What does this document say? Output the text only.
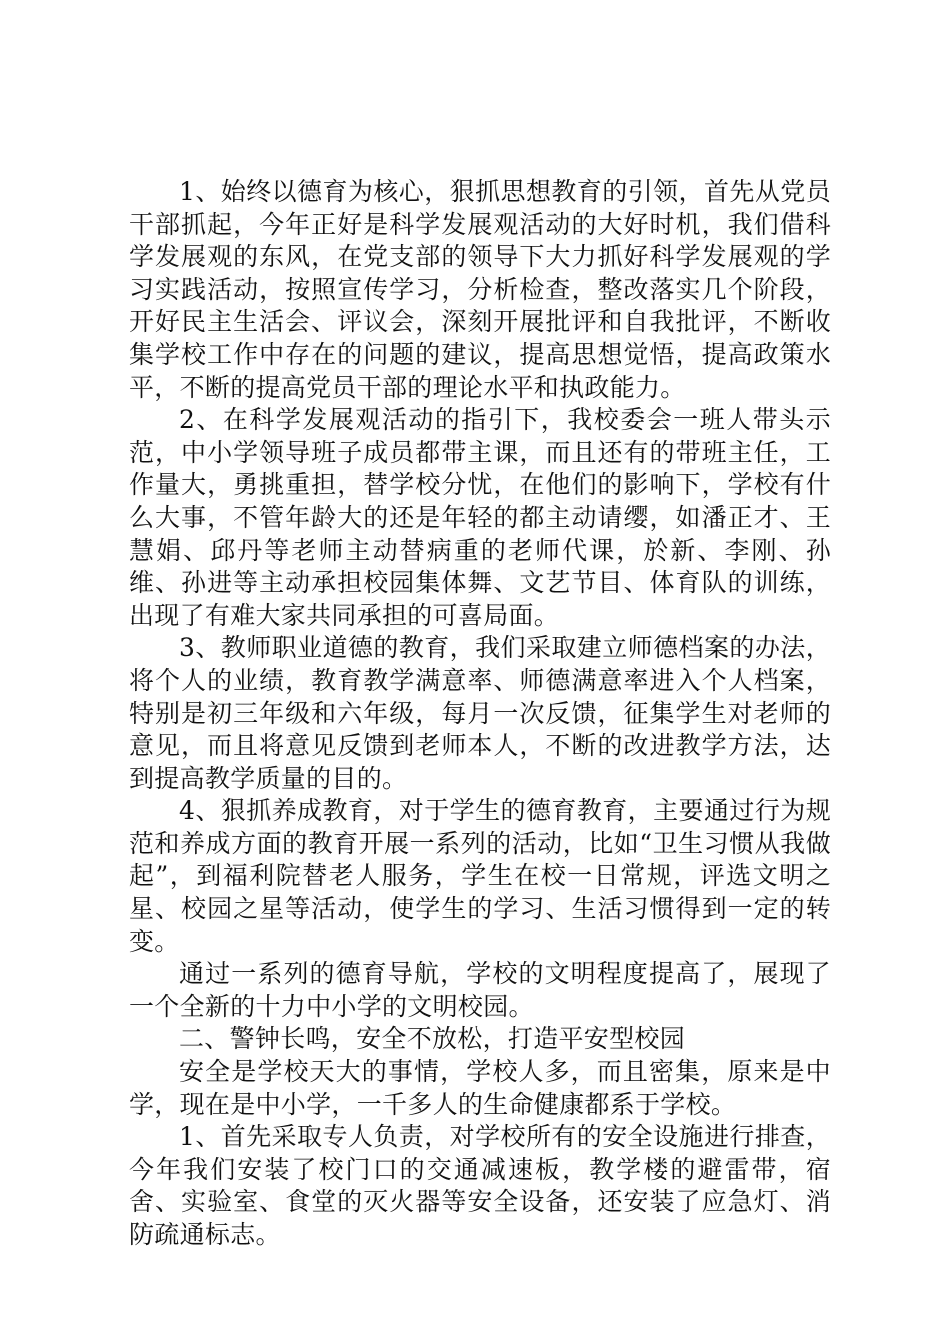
1、始终以德育为核心，狠抓思想教育的引领，首先从党员干部抓起，今年正好是科学发展观活动的大好时机，我们借科学发展观的东风，在党支部的领导下大力抓好科学发展观的学习实践活动，按照宣传学习，分析检查，整改落实几个阶段，开好民主生活会、评议会，深刻开展批评和自我批评，不断收集学校工作中存在的问题的建议，提高思想觉悟，提高政策水平，不断的提高党员干部的理论水平和执政能力。

2、在科学发展观活动的指引下，我校委会一班人带头示范，中小学领导班子成员都带主课，而且还有的带班主任，工作量大，勇挑重担，替学校分忧，在他们的影响下，学校有什么大事，不管年龄大的还是年轻的都主动请缨，如潘正才、王慧娟、邱丹等老师主动替病重的老师代课，於新、李刚、孙维、孙进等主动承担校园集体舞、文艺节目、体育队的训练，出现了有难大家共同承担的可喜局面。

3、教师职业道德的教育，我们采取建立师德档案的办法，将个人的业绩，教育教学满意率、师德满意率进入个人档案，特别是初三年级和六年级，每月一次反馈，征集学生对老师的意见，而且将意见反馈到老师本人，不断的改进教学方法，达到提高教学质量的目的。

4、狠抓养成教育，对于学生的德育教育，主要通过行为规范和养成方面的教育开展一系列的活动，比如“卫生习惯从我做起”，到福利院替老人服务，学生在校一日常规，评选文明之星、校园之星等活动，使学生的学习、生活习惯得到一定的转变。

通过一系列的德育导航，学校的文明程度提高了，展现了一个全新的十力中小学的文明校园。

二、警钟长鸣，安全不放松，打造平安型校园

安全是学校天大的事情，学校人多，而且密集，原来是中学，现在是中小学，一千多人的生命健康都系于学校。

1、首先采取专人负责，对学校所有的安全设施进行排查，今年我们安装了校门口的交通减速板，教学楼的避雷带，宿舍、实验室、食堂的灭火器等安全设备，还安装了应急灯、消防疏通标志。
